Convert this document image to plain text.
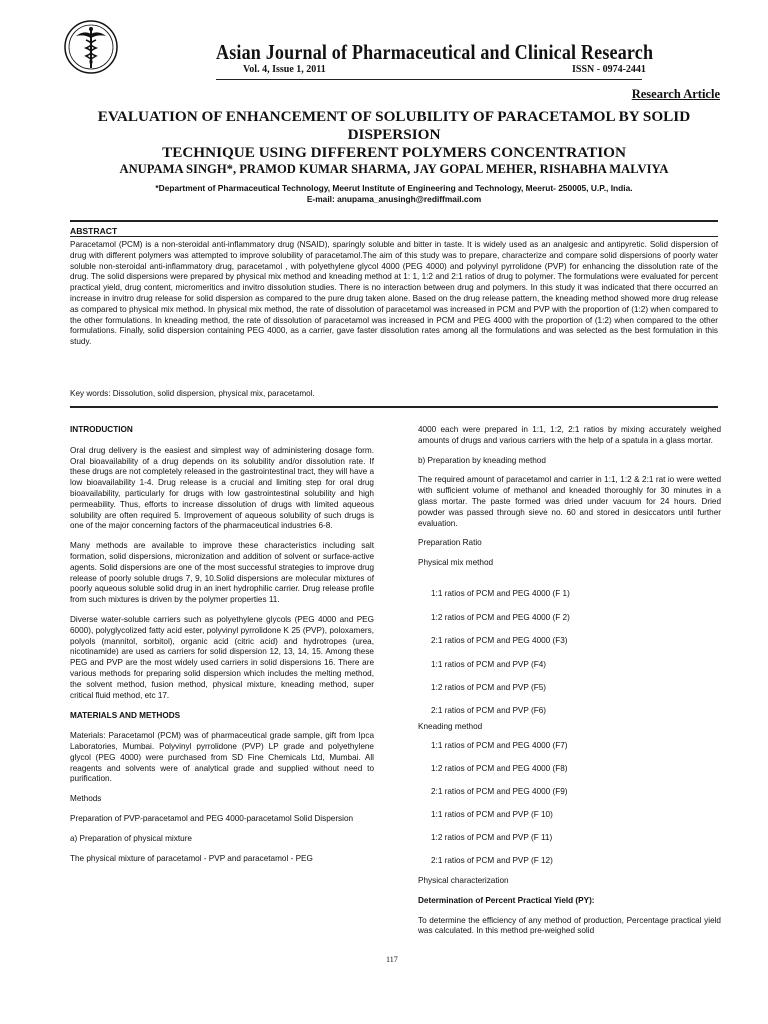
Asian Journal of Pharmaceutical and Clinical Research
Vol. 4, Issue 1, 2011	ISSN - 0974-2441
Research Article
EVALUATION OF ENHANCEMENT OF SOLUBILITY OF PARACETAMOL BY SOLID DISPERSION
TECHNIQUE USING DIFFERENT POLYMERS CONCENTRATION
ANUPAMA SINGH*, PRAMOD KUMAR SHARMA, JAY GOPAL MEHER, RISHABHA MALVIYA
*Department of Pharmaceutical Technology, Meerut Institute of Engineering and Technology, Meerut- 250005, U.P., India.
E-mail: anupama_anusingh@rediffmail.com
ABSTRACT
Paracetamol (PCM) is a non-steroidal anti-inflammatory drug (NSAID), sparingly soluble and bitter in taste. It is widely used as an analgesic and antipyretic. Solid dispersion of drug with different polymers was attempted to improve solubility of paracetamol.The aim of this study was to prepare, characterize and compare solid dispersions of poorly water soluble non-steroidal anti-inflammatory drug, paracetamol , with polyethylene glycol 4000 (PEG 4000) and polyvinyl pyrrolidone (PVP) for enhancing the dissolution rate of the drug. The solid dispersions were prepared by physical mix method and kneading method at 1: 1, 1:2 and 2:1 ratios of drug to polymer. The formulations were evaluated for percent practical yield, drug content, micromeritics and invitro dissolution studies. There is no interaction between drug and polymers. In this study it was indicated that there occurred an increase in invitro drug release for solid dispersion as compared to the pure drug taken alone. Based on the drug release pattern, the kneading method showed more drug release as compared to physical mix method. In physical mix method, the rate of dissolution of paracetamol was increased in PCM and PVP with the proportion of (1:2) when compared to the other formulations. In kneading method, the rate of dissolution of paracetamol was increased in PCM and PEG 4000 with the proportion of (1:2) when compared to the other formulations. Finally, solid dispersion containing PEG 4000, as a carrier, gave faster dissolution rates among all the formulations and was selected as the best formulation in this study.
Key words: Dissolution, solid dispersion, physical mix, paracetamol.

INTRODUCTION

Oral drug delivery is the easiest and simplest way of administering dosage form. Oral bioavailability of a drug depends on its solubility and/or dissolution rate. If these drugs are not completely released in the gastrointestinal tract, they will have a low bioavailability 1-4. Drug release is a crucial and limiting step for oral drug bioavailability, particularly for drugs with low gastrointestinal solubility and high permeability. Thus, efforts to increase dissolution of drugs with limited aqueous solubility are often required 5. Improvement of aqueous solubility of such drugs is one of the major concerning factors of the pharmaceutical industries 6-8.

Many methods are available to improve these characteristics including salt formation, solid dispersions, micronization and addition of solvent or surface-active agents. Solid dispersions are one of the most successful strategies to improve drug release of poorly soluble drugs 7, 9, 10.Solid dispersions are molecular mixtures of poorly aqueous soluble solid drug in an inert hydrophilic carrier. Drug release profile from such mixtures is driven by the polymer properties 11.

Diverse water-soluble carriers such as polyethylene glycols (PEG 4000 and PEG 6000), polyglycolized fatty acid ester, polyvinyl pyrrolidone K 25 (PVP), poloxamers, polyols (mannitol, sorbitol), organic acid (citric acid) and hydrotropes (urea, nicotinamide) are used as carriers for solid dispersion 12, 13, 14, 15. Among these PEG and PVP are the most widely used carriers in solid dispersions 16. There are various methods for preparing solid dispersion which includes the melting method, the solvent method, fusion method, physical mixture, kneading method, super critical fluid method, etc 17.

MATERIALS AND METHODS

Materials: Paracetamol (PCM) was of pharmaceutical grade sample, gift from Ipca Laboratories, Mumbai. Polyvinyl pyrrolidone (PVP) LP grade and polyethylene glycol (PEG 4000) were purchased from SD Fine Chemicals Ltd, Mumbai. All reagents and solvents were of analytical grade and supplied without need to purification.

Methods

Preparation of PVP-paracetamol and PEG 4000-paracetamol Solid Dispersion

a) Preparation of physical mixture

The physical mixture of paracetamol - PVP and paracetamol - PEG

4000 each were prepared in 1:1, 1:2, 2:1 ratios by mixing accurately weighed amounts of drugs and various carriers with the help of a spatula in a glass mortar.

b) Preparation by kneading method

The required amount of paracetamol and carrier in 1:1, 1:2 & 2:1 rat io were wetted with sufficient volume of methanol and kneaded thoroughly for 30 minutes in a glass mortar. The paste formed was dried under vacuum for 24 hours. Dried powder was passed through sieve no. 60 and stored in desiccators until further evaluation.

Preparation Ratio

Physical mix method

1:1 ratios of PCM and PEG 4000 (F 1)
1:2 ratios of PCM and PEG 4000 (F 2)
2:1 ratios of PCM and PEG 4000 (F3)
1:1 ratios of PCM and PVP (F4)
1:2 ratios of PCM and PVP (F5)
2:1 ratios of PCM and PVP (F6)
Kneading method
1:1 ratios of PCM and PEG 4000 (F7)
1:2 ratios of PCM and PEG 4000 (F8)
2:1 ratios of PCM and PEG 4000 (F9)
1:1 ratios of PCM and PVP (F 10)
1:2 ratios of PCM and PVP (F 11)
2:1 ratios of PCM and PVP (F 12)

Physical characterization

Determination of Percent Practical Yield (PY):

To determine the efficiency of any method of production, Percentage practical yield was calculated. In this method pre-weighed solid

117
